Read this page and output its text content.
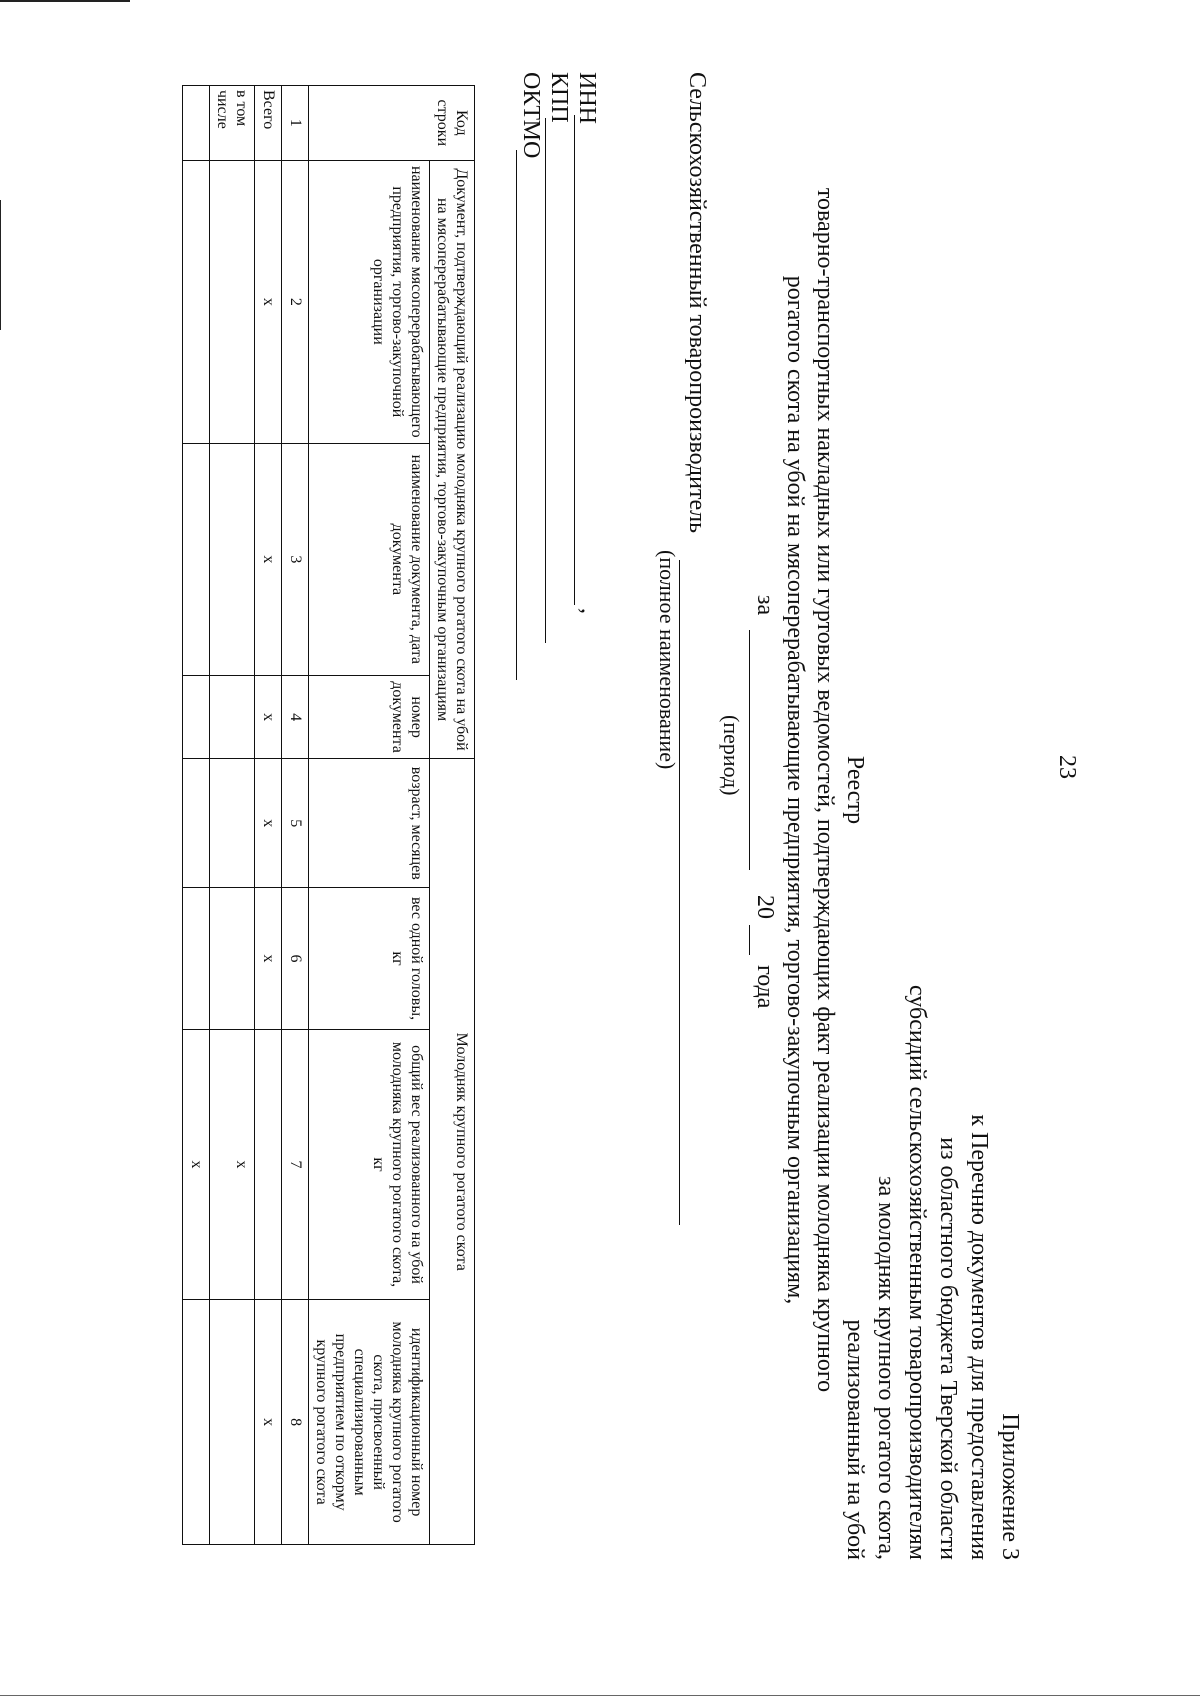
23
Приложение 3
к Перечню документов для предоставления
из областного бюджета Тверской области
субсидий сельскохозяйственным товаропроизводителям
за молодняк крупного рогатого скота,
реализованный на убой
Реестр
товарно-транспортных накладных или гуртовых ведомостей, подтверждающих факт реализации молодняка крупного
рогатого скота на убой на мясоперерабатывающие предприятия, торгово-закупочным организациям,
за
20
года
(период)
Сельскохозяйственный товаропроизводитель
(полное наименование)
ИНН
,
КПП
ОКТМО
Код строки	Документ, подтверждающий реализацию молодняка крупного рогатого скота на убой на мясоперерабатывающие предприятия, торгово-закупочным организациям			Молодняк крупного рогатого скота			
	наименование мясоперерабатывающего предприятия, торгово-закупочной организации	наименование документа, дата документа	номер документа	возраст, месяцев	вес одной головы, кг	общий вес реализованного на убой молодняка крупного рогатого скота, кг	идентификационный номер молодняка крупного рогатого скота, присвоенный специализированным предприятием по откорму крупного рогатого скота
1	2	3	4	5	6	7	8
Всего	х	х	х	х	х		х
в том числе						х	
						х	
